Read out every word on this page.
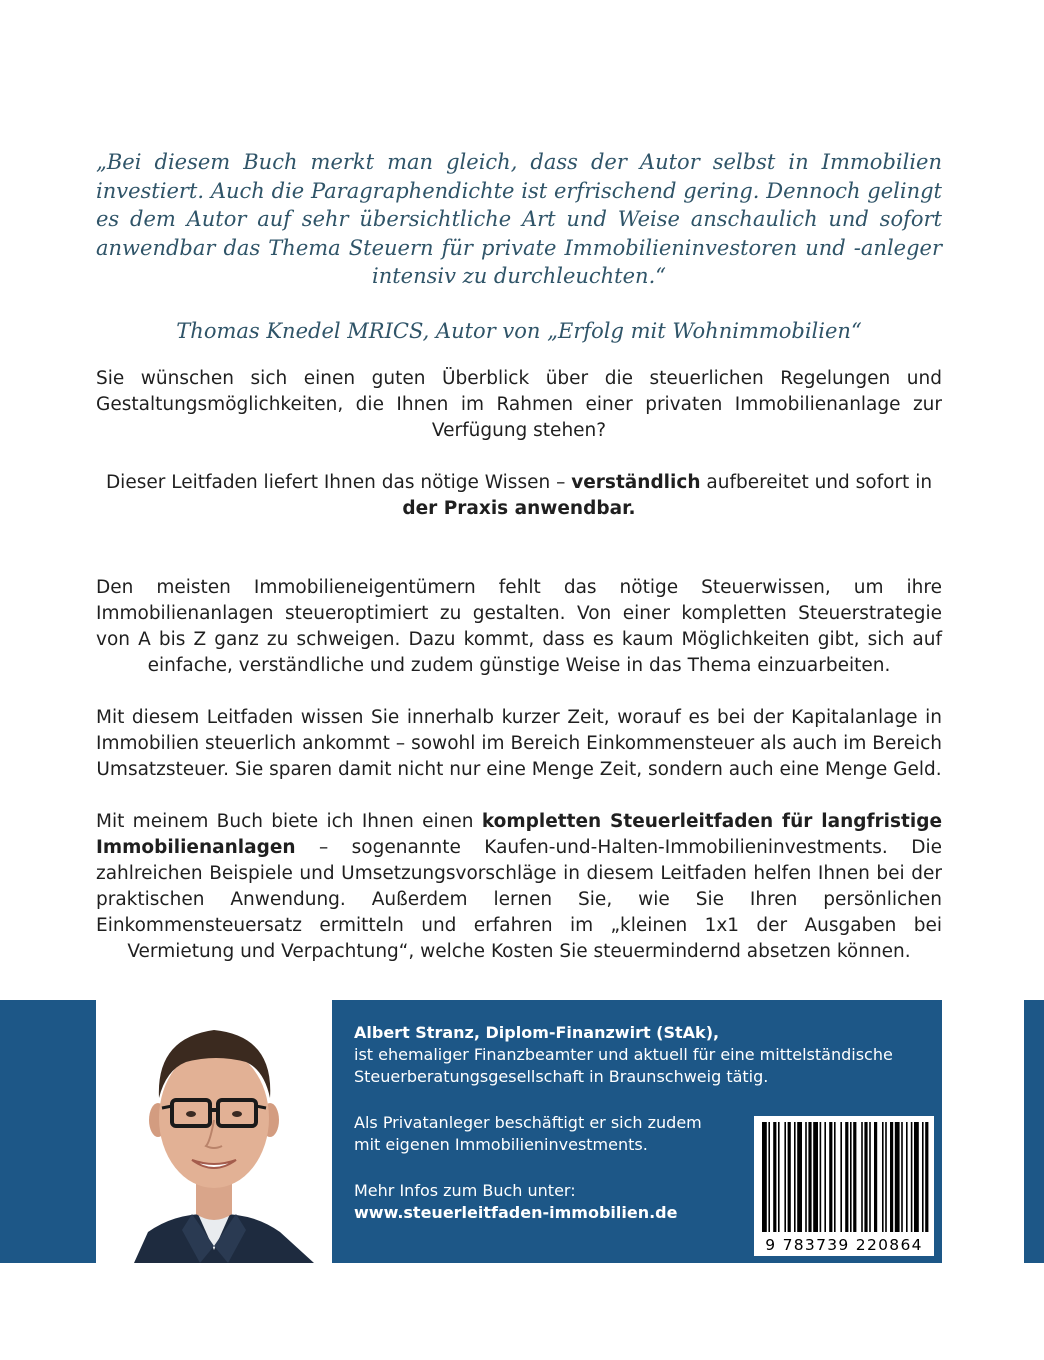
„Bei diesem Buch merkt man gleich, dass der Autor selbst in Immobilien investiert. Auch die Paragraphendichte ist erfrischend gering. Dennoch gelingt es dem Autor auf sehr übersichtliche Art und Weise anschaulich und sofort anwendbar das Thema Steuern für private Immobilieninvestoren und -anleger intensiv zu durchleuchten.“

Thomas Knedel MRICS, Autor von „Erfolg mit Wohnimmobilien“

Sie wünschen sich einen guten Überblick über die steuerlichen Regelungen und Gestaltungsmöglichkeiten, die Ihnen im Rahmen einer privaten Immobilienanlage zur Verfügung stehen?

Dieser Leitfaden liefert Ihnen das nötige Wissen – verständlich aufbereitet und sofort in
der Praxis anwendbar.

Den meisten Immobilieneigentümern fehlt das nötige Steuerwissen, um ihre Immobilienanlagen steueroptimiert zu gestalten. Von einer kompletten Steuerstrategie von A bis Z ganz zu schweigen. Dazu kommt, dass es kaum Möglichkeiten gibt, sich auf einfache, verständliche und zudem günstige Weise in das Thema einzuarbeiten.

Mit diesem Leitfaden wissen Sie innerhalb kurzer Zeit, worauf es bei der Kapitalanlage in Immobilien steuerlich ankommt – sowohl im Bereich Einkommensteuer als auch im Bereich Umsatzsteuer. Sie sparen damit nicht nur eine Menge Zeit, sondern auch eine Menge Geld.

Mit meinem Buch biete ich Ihnen einen kompletten Steuerleitfaden für langfristige Immobilienanlagen – sogenannte Kaufen-und-Halten-Immobilieninvestments. Die zahlreichen Beispiele und Umsetzungsvorschläge in diesem Leitfaden helfen Ihnen bei der praktischen Anwendung. Außerdem lernen Sie, wie Sie Ihren persönlichen Einkommensteuersatz ermitteln und erfahren im „kleinen 1x1 der Ausgaben bei Vermietung und Verpachtung“, welche Kosten Sie steuermindernd absetzen können.

Albert Stranz, Diplom-Finanzwirt (StAk),

ist ehemaliger Finanzbeamter und aktuell für eine mittelständische

Steuerberatungsgesellschaft in Braunschweig tätig.

Als Privatanleger beschäftigt er sich zudem

mit eigenen Immobilieninvestments.

Mehr Infos zum Buch unter:

www.steuerleitfaden-immobilien.de

9 783739 220864
